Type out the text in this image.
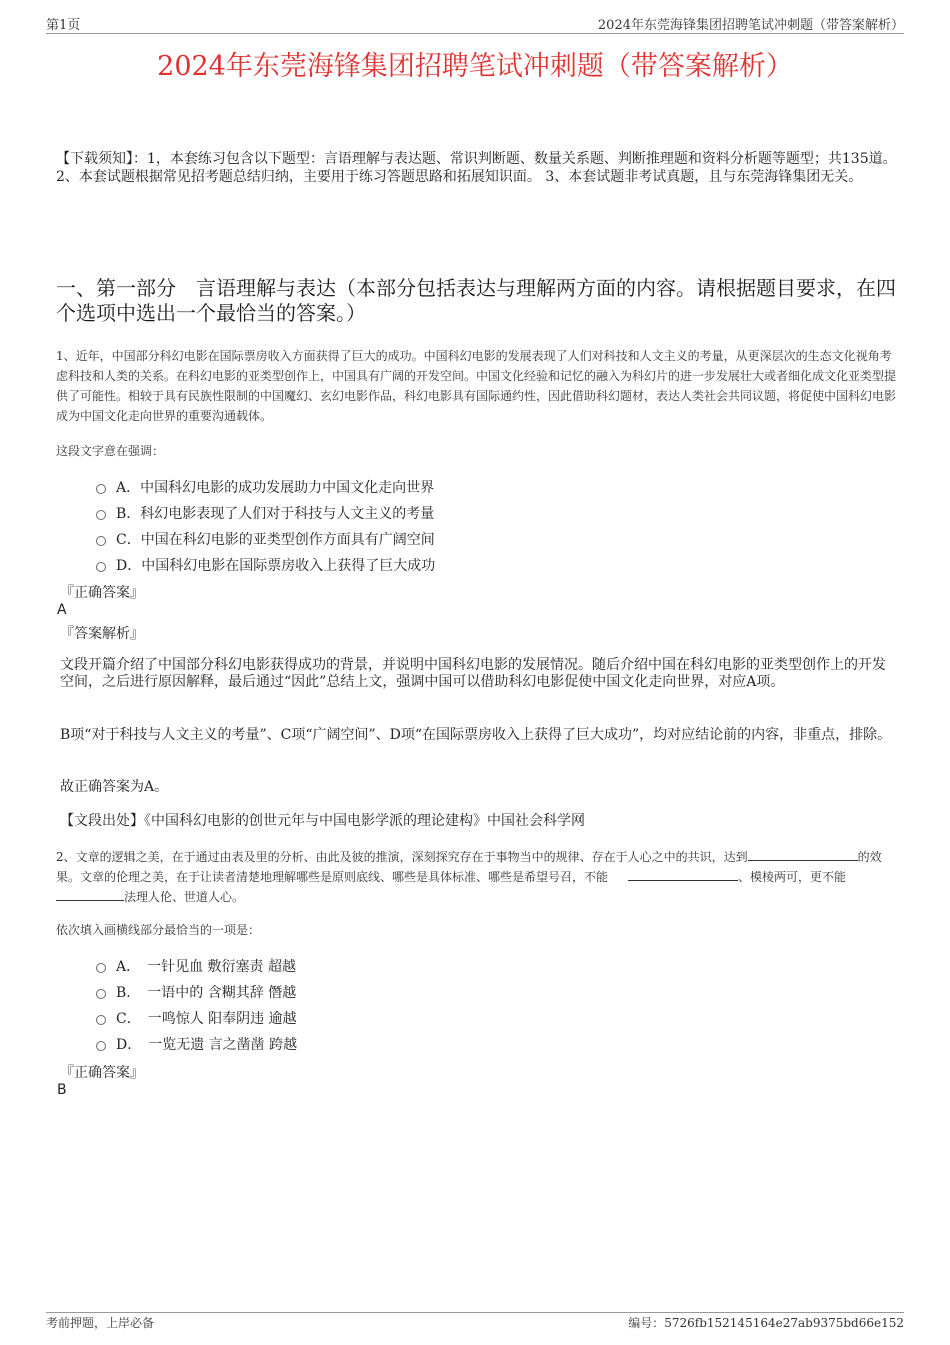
第1页	2024年东莞海锋集团招聘笔试冲刺题（带答案解析）
2024年东莞海锋集团招聘笔试冲刺题（带答案解析）
【下载须知】：1，本套练习包含以下题型：言语理解与表达题、常识判断题、数量关系题、判断推理题和资料分析题等题型；共135道。 2、本套试题根据常见招考题总结归纳，主要用于练习答题思路和拓展知识面。 3、本套试题非考试真题，且与东莞海锋集团无关。
一、第一部分　言语理解与表达（本部分包括表达与理解两方面的内容。请根据题目要求，在四个选项中选出一个最恰当的答案。）
1、近年，中国部分科幻电影在国际票房收入方面获得了巨大的成功。中国科幻电影的发展表现了人们对科技和人文主义的考量，从更深层次的生态文化视角考虑科技和人类的关系。在科幻电影的亚类型创作上，中国具有广阔的开发空间。中国文化经验和记忆的融入为科幻片的进一步发展壮大或者细化成文化亚类型提供了可能性。相较于具有民族性限制的中国魔幻、玄幻电影作品，科幻电影具有国际通约性，因此借助科幻题材，表达人类社会共同议题，将促使中国科幻电影成为中国文化走向世界的重要沟通载体。
这段文字意在强调：
A．中国科幻电影的成功发展助力中国文化走向世界
B．科幻电影表现了人们对于科技与人文主义的考量
C．中国在科幻电影的亚类型创作方面具有广阔空间
D．中国科幻电影在国际票房收入上获得了巨大成功
『正确答案』
A
『答案解析』
文段开篇介绍了中国部分科幻电影获得成功的背景，并说明中国科幻电影的发展情况。随后介绍中国在科幻电影的亚类型创作上的开发空间，之后进行原因解释，最后通过“因此”总结上文，强调中国可以借助科幻电影促使中国文化走向世界，对应A项。
B项“对于科技与人文主义的考量”、C项“广阔空间”、D项“在国际票房收入上获得了巨大成功”，均对应结论前的内容，非重点，排除。
故正确答案为A。
【文段出处】《中国科幻电影的创世元年与中国电影学派的理论建构》中国社会科学网
2、文章的逻辑之美，在于通过由表及里的分析、由此及彼的推演，深刻探究存在于事物当中的规律、存在于人心之中的共识，达到	的效果。文章的伦理之美，在于让读者清楚地理解哪些是原则底线、哪些是具体标准、哪些是希望号召，不能	、模棱两可，更不能法理人伦、世道人心。
依次填入画横线部分最恰当的一项是：
A．　一针见血 敷衍塞责 超越
B．　一语中的 含糊其辞 僭越
C．　一鸣惊人 阳奉阴违 逾越
D．　一览无遗 言之凿凿 跨越
『正确答案』
B
考前押题，上岸必备	编号：5726fb152145164e27ab9375bd66e152
